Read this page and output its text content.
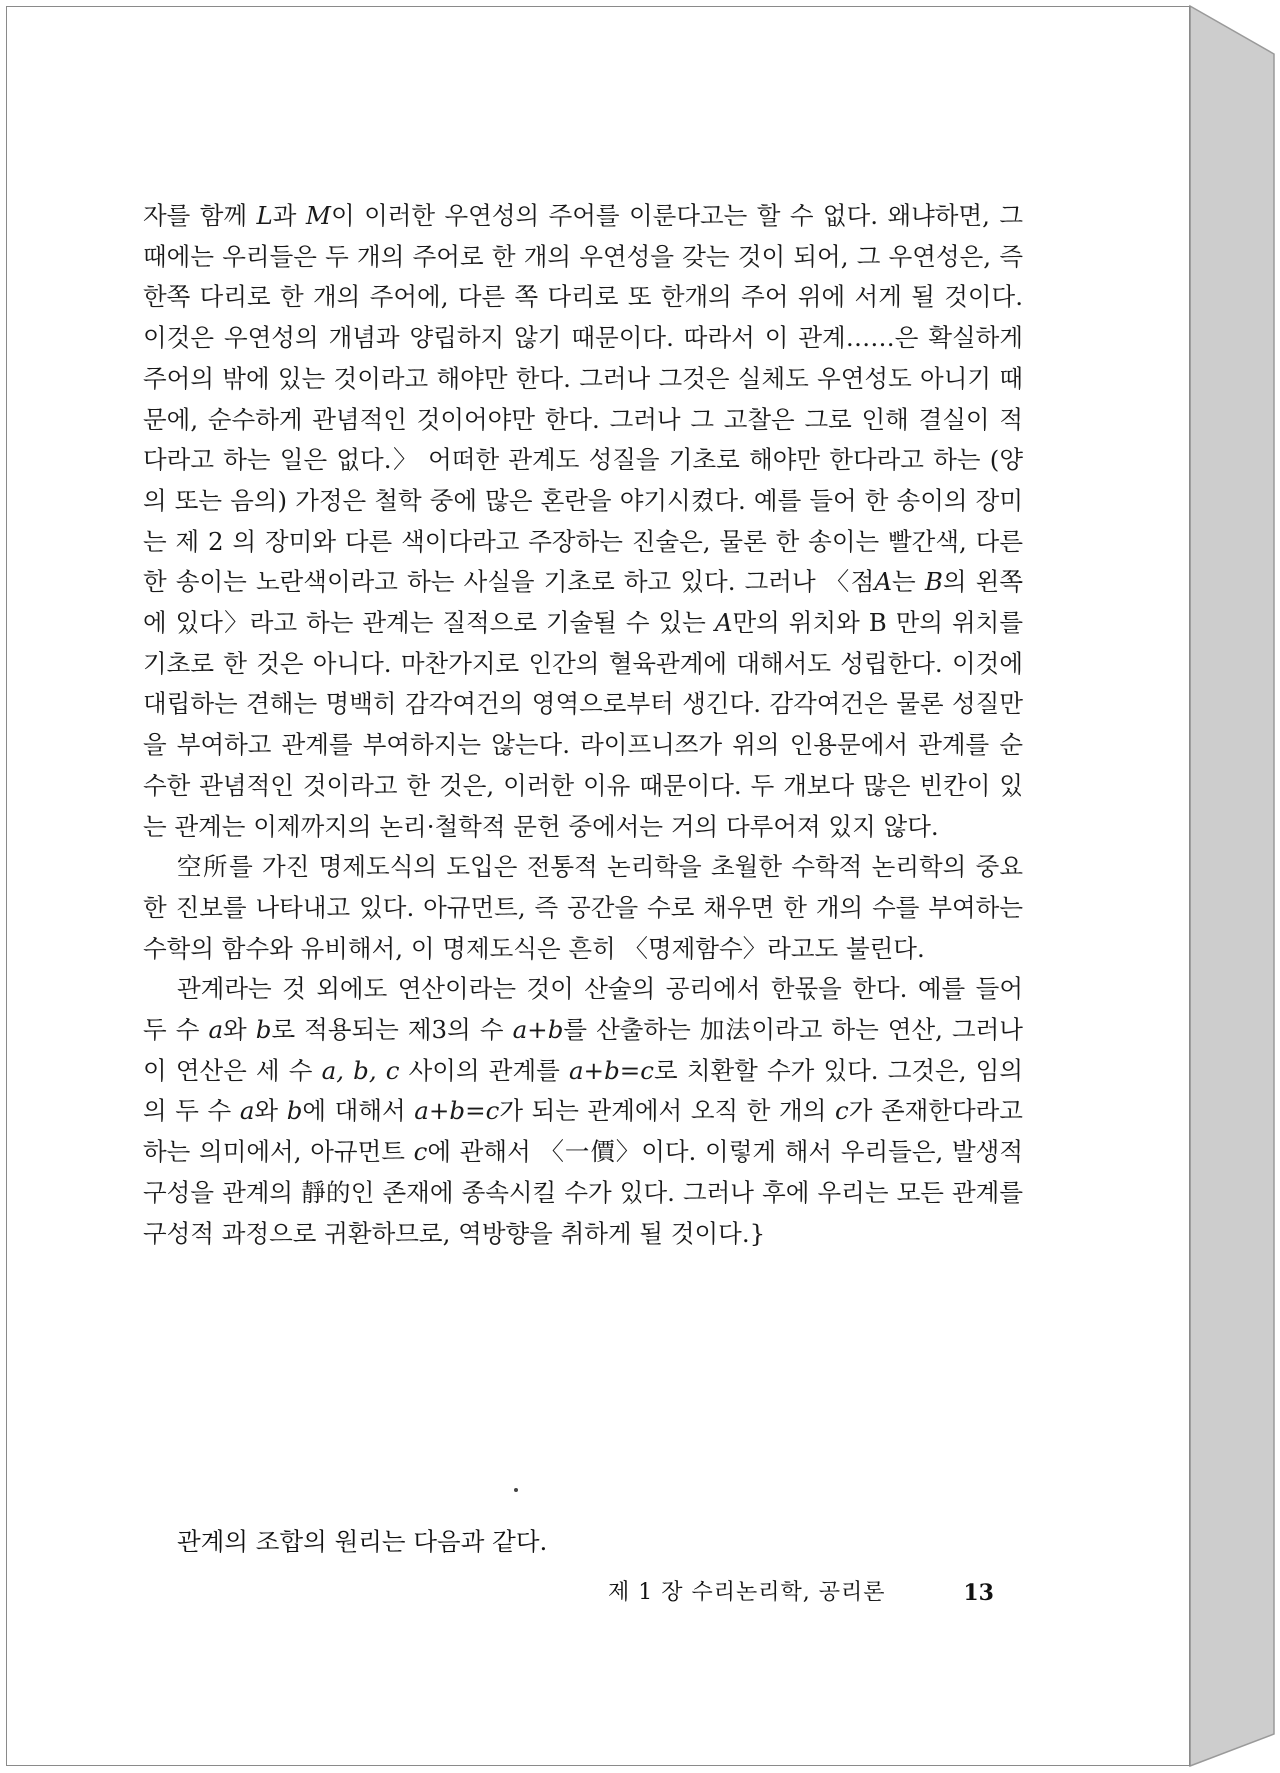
자를 함께 L과 M이 이러한 우연성의 주어를 이룬다고는 할 수 없다. 왜냐하면, 그때에는 우리들은 두 개의 주어로 한 개의 우연성을 갖는 것이 되어, 그 우연성은, 즉 한쪽 다리로 한 개의 주어에, 다른 쪽 다리로 또 한개의 주어 위에 서게 될 것이다. 이것은 우연성의 개념과 양립하지 않기 때문이다. 따라서 이 관계……은 확실하게 주어의 밖에 있는 것이라고 해야만 한다. 그러나 그것은 실체도 우연성도 아니기 때문에, 순수하게 관념적인 것이어야만 한다. 그러나 그 고찰은 그로 인해 결실이 적다라고 하는 일은 없다.〉 어떠한 관계도 성질을 기초로 해야만 한다라고 하는 (양의 또는 음의) 가정은 철학 중에 많은 혼란을 야기시켰다. 예를 들어 한 송이의 장미는 제 2 의 장미와 다른 색이다라고 주장하는 진술은, 물론 한 송이는 빨간색, 다른 한 송이는 노란색이라고 하는 사실을 기초로 하고 있다. 그러나 〈점A는 B의 왼쪽에 있다〉라고 하는 관계는 질적으로 기술될 수 있는 A만의 위치와 B 만의 위치를 기초로 한 것은 아니다. 마찬가지로 인간의 혈육관계에 대해서도 성립한다. 이것에 대립하는 견해는 명백히 감각여건의 영역으로부터 생긴다. 감각여건은 물론 성질만을 부여하고 관계를 부여하지는 않는다. 라이프니쯔가 위의 인용문에서 관계를 순수한 관념적인 것이라고 한 것은, 이러한 이유 때문이다. 두 개보다 많은 빈칸이 있는 관계는 이제까지의 논리·철학적 문헌 중에서는 거의 다루어져 있지 않다.

空所를 가진 명제도식의 도입은 전통적 논리학을 초월한 수학적 논리학의 중요한 진보를 나타내고 있다. 아규먼트, 즉 공간을 수로 채우면 한 개의 수를 부여하는 수학의 함수와 유비해서, 이 명제도식은 흔히 〈명제함수〉라고도 불린다.

관계라는 것 외에도 연산이라는 것이 산술의 공리에서 한몫을 한다. 예를 들어 두 수 a와 b로 적용되는 제3의 수 a+b를 산출하는 加法이라고 하는 연산, 그러나 이 연산은 세 수 a, b, c 사이의 관계를 a+b=c로 치환할 수가 있다. 그것은, 임의의 두 수 a와 b에 대해서 a+b=c가 되는 관계에서 오직 한 개의 c가 존재한다라고 하는 의미에서, 아규먼트 c에 관해서 〈一價〉이다. 이렇게 해서 우리들은, 발생적 구성을 관계의 靜的인 존재에 종속시킬 수가 있다. 그러나 후에 우리는 모든 관계를 구성적 과정으로 귀환하므로, 역방향을 취하게 될 것이다.}

관계의 조합의 원리는 다음과 같다.
제 1 장 수리논리학, 공리론	13
